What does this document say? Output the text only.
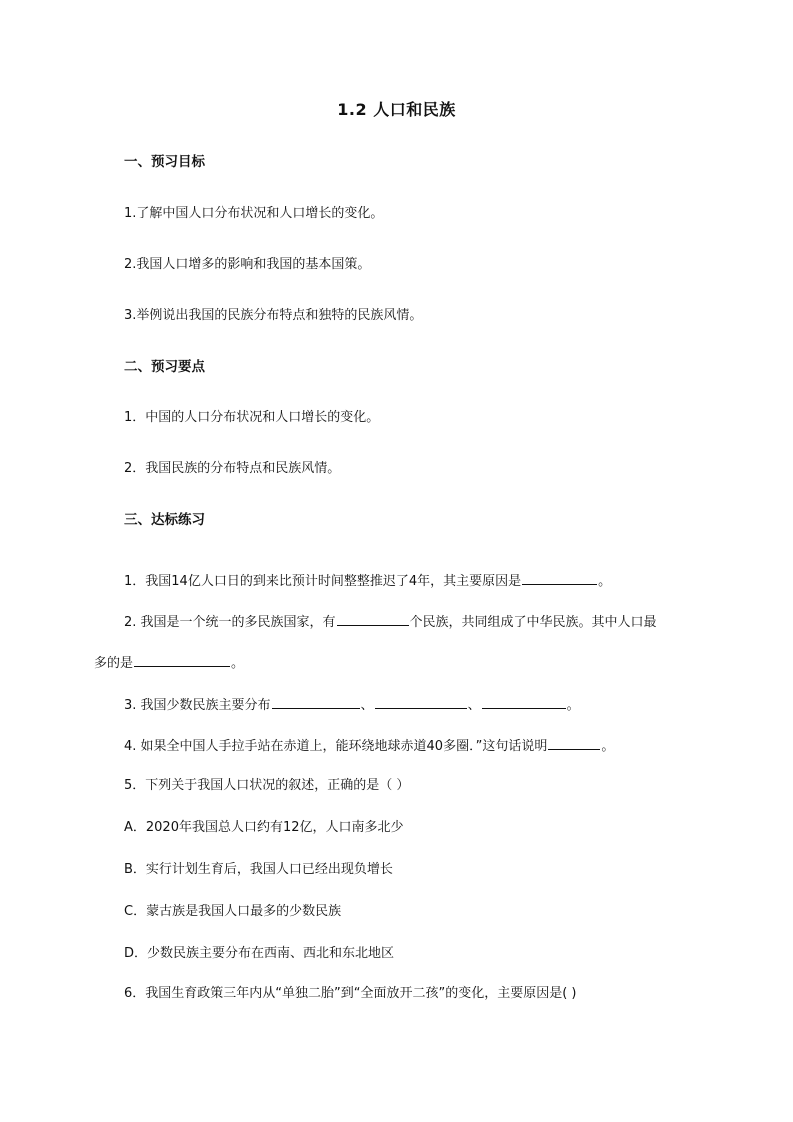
1.2 人口和民族
一、预习目标
1.了解中国人口分布状况和人口增长的变化。
2.我国人口增多的影响和我国的基本国策。
3.举例说出我国的民族分布特点和独特的民族风情。
二、预习要点
1．中国的人口分布状况和人口增长的变化。
2．我国民族的分布特点和民族风情。
三、达标练习
1．我国14亿人口日的到来比预计时间整整推迟了4年，其主要原因是	。
2. 我国是一个统一的多民族国家，有	个民族，共同组成了中华民族。其中人口最
多的是	。
3. 我国少数民族主要分布	、	、	。
4. 如果全中国人手拉手站在赤道上，能环绕地球赤道40多圈．”这句话说明	。
5．下列关于我国人口状况的叙述，正确的是（ ）
A．2020年我国总人口约有12亿，人口南多北少
B．实行计划生育后，我国人口已经出现负增长
C．蒙古族是我国人口最多的少数民族
D．少数民族主要分布在西南、西北和东北地区
6．我国生育政策三年内从“单独二胎”到“全面放开二孩”的变化，主要原因是( )
